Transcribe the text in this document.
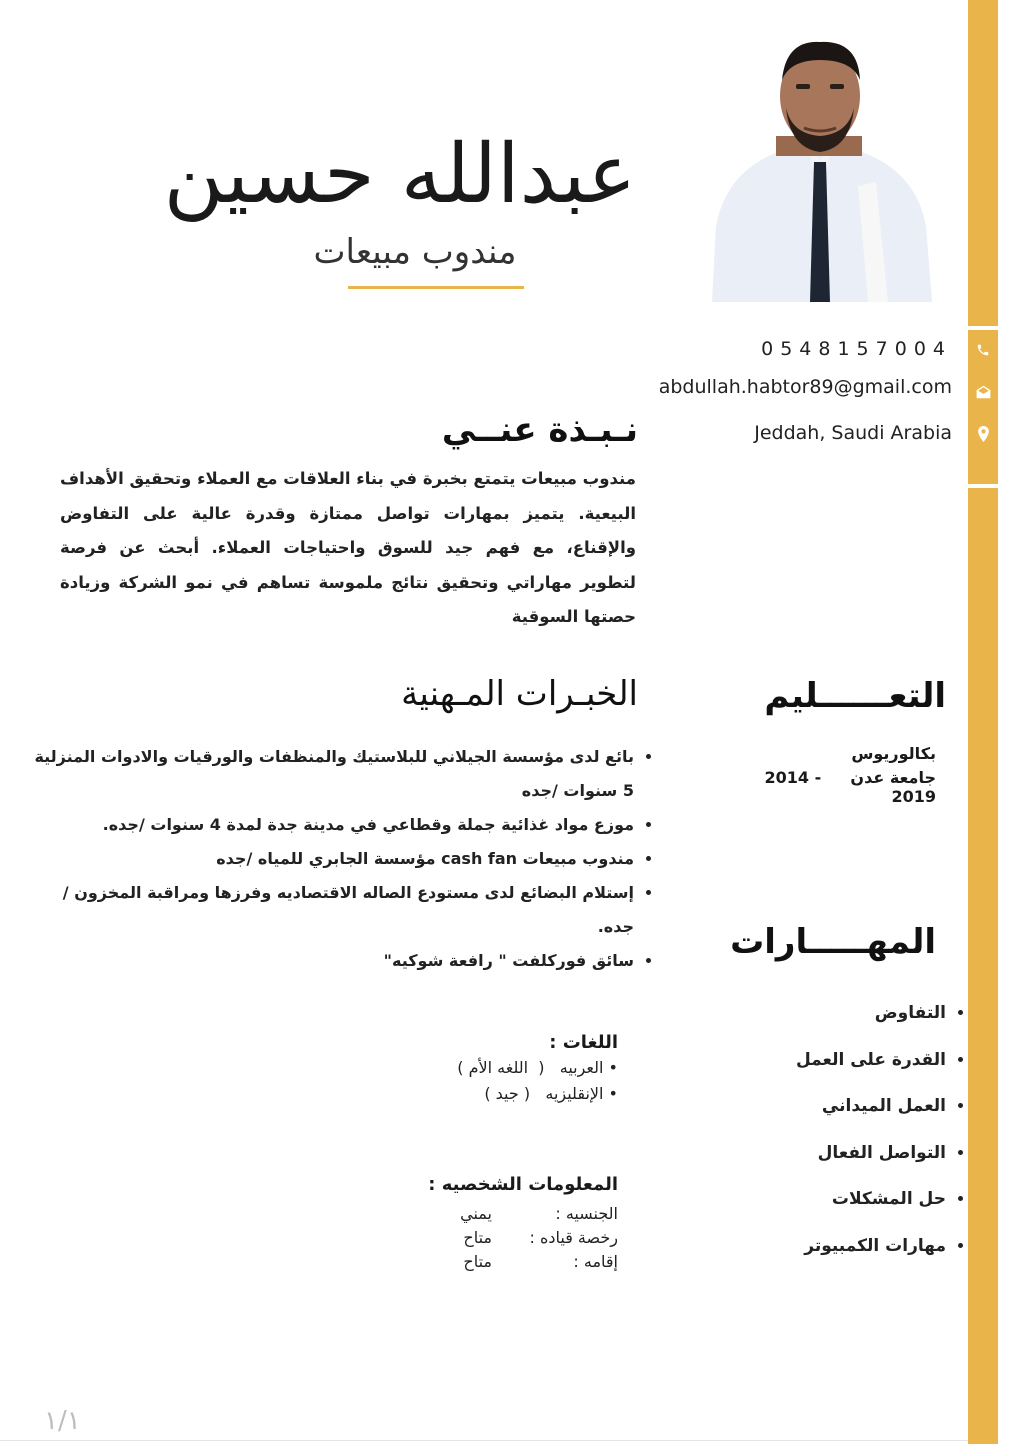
عبدالله حسين
مندوب مبيعات
0548157004
abdullah.habtor89@gmail.com
Jeddah, Saudi Arabia
نـبـذة عنــي
مندوب مبيعات يتمتع بخبرة في بناء العلاقات مع العملاء وتحقيق الأهداف البيعية. يتميز بمهارات تواصل ممتازة وقدرة عالية على التفاوض والإقناع، مع فهم جيد للسوق واحتياجات العملاء. أبحث عن فرصة لتطوير مهاراتي وتحقيق نتائج ملموسة تساهم في نمو الشركة وزيادة حصتها السوقية
الخبـرات المـهنية
• بائع لدى مؤسسة الجيلاني للبلاستيك والمنظفات والورقيات والادوات المنزلية 5 سنوات /جده
• موزع مواد غذائية جملة وقطاعي في مدينة جدة لمدة 4 سنوات /جده.
• مندوب مبيعات cash fan مؤسسة الجابري للمياه /جده
• إستلام البضائع لدى مستودع الصاله الاقتصاديه وفرزها ومراقبة المخزون / جده.
• سائق فوركلفت " رافعة شوكيه"
التعــــــليم
بكالوريوس
جامعة عدن  2014 - 2019
المهـــــارات
• التفاوض
• القدرة على العمل
• العمل الميداني
• التواصل الفعال
• حل المشكلات
• مهارات الكمبيوتر
اللغات :
• العربيه   (  اللغه الأم )
• الإنقليزيه   ( جيد )
المعلومات الشخصيه :
الجنسيه :
يمني
رخصة قياده :
متاح
إقامه :
متاح
١/١
